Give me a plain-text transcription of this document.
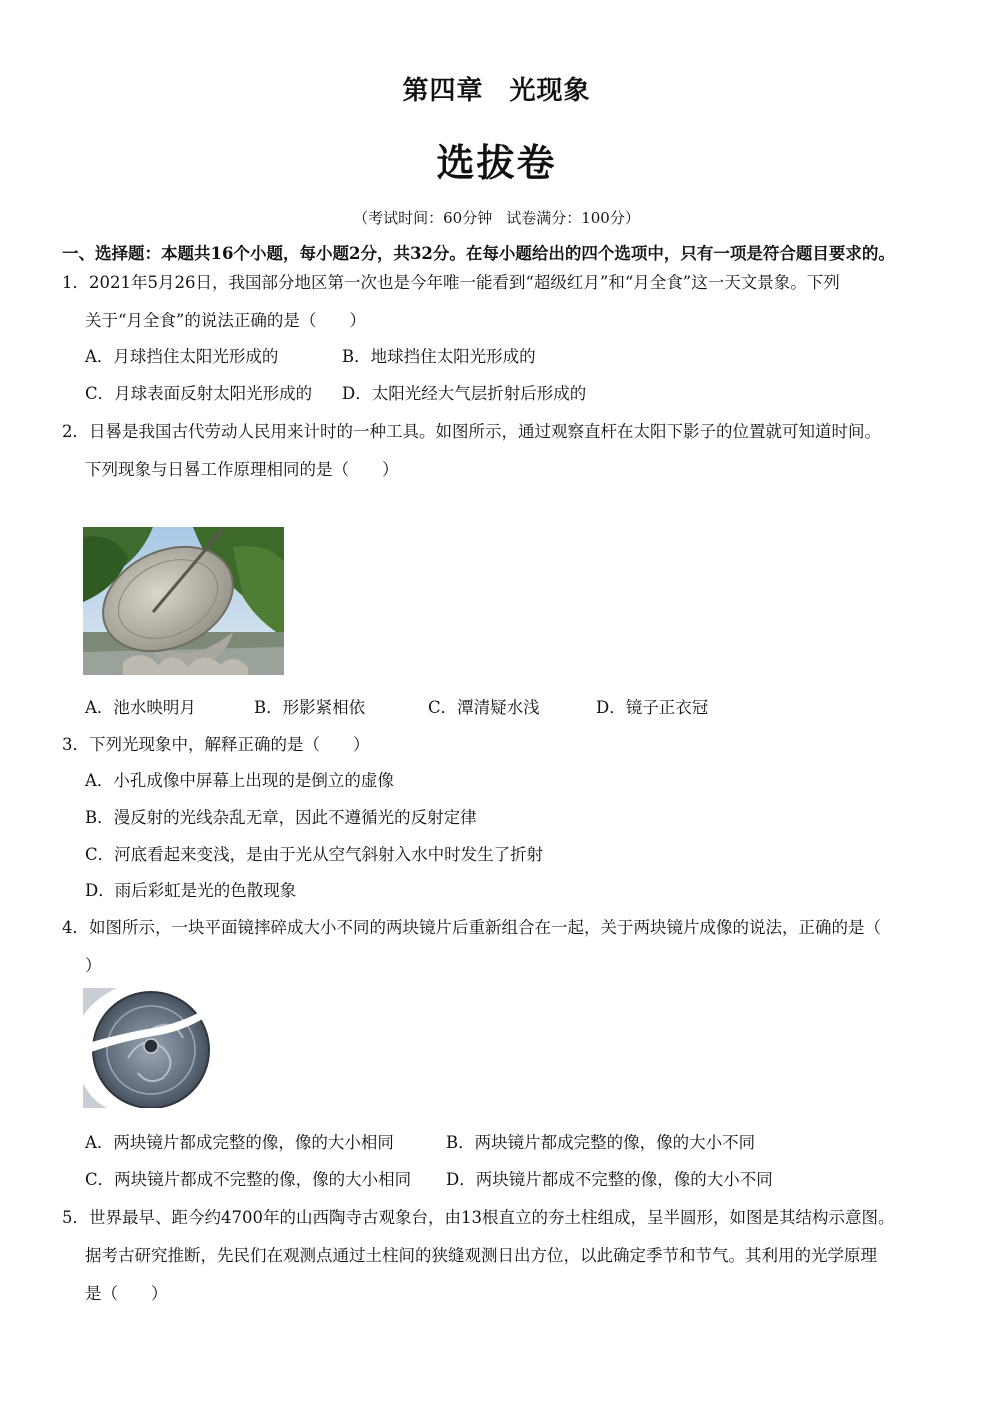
第四章 光现象
选拔卷
（考试时间：60分钟 试卷满分：100分）
一、选择题：本题共16个小题，每小题2分，共32分。在每小题给出的四个选项中，只有一项是符合题目要求的。
1．2021年5月26日，我国部分地区第一次也是今年唯一能看到“超级红月”和“月全食”这一天文景象。下列
关于“月全食”的说法正确的是（　　）
A．月球挡住太阳光形成的	B．地球挡住太阳光形成的
C．月球表面反射太阳光形成的 D．太阳光经大气层折射后形成的
2．日晷是我国古代劳动人民用来计时的一种工具。如图所示，通过观察直杆在太阳下影子的位置就可知道时间。
下列现象与日晷工作原理相同的是（　　）
A．池水映明月	B．形影紧相依	C．潭清疑水浅	D．镜子正衣冠
3．下列光现象中，解释正确的是（　　）
A．小孔成像中屏幕上出现的是倒立的虚像
B．漫反射的光线杂乱无章，因此不遵循光的反射定律
C．河底看起来变浅，是由于光从空气斜射入水中时发生了折射
D．雨后彩虹是光的色散现象
4．如图所示，一块平面镜摔碎成大小不同的两块镜片后重新组合在一起，关于两块镜片成像的说法，正确的是（
）
A．两块镜片都成完整的像，像的大小相同	B．两块镜片都成完整的像，像的大小不同
C．两块镜片都成不完整的像，像的大小相同 D．两块镜片都成不完整的像，像的大小不同
5．世界最早、距今约4700年的山西陶寺古观象台，由13根直立的夯土柱组成，呈半圆形，如图是其结构示意图。
据考古研究推断，先民们在观测点通过土柱间的狭缝观测日出方位，以此确定季节和节气。其利用的光学原理
是（　　）
